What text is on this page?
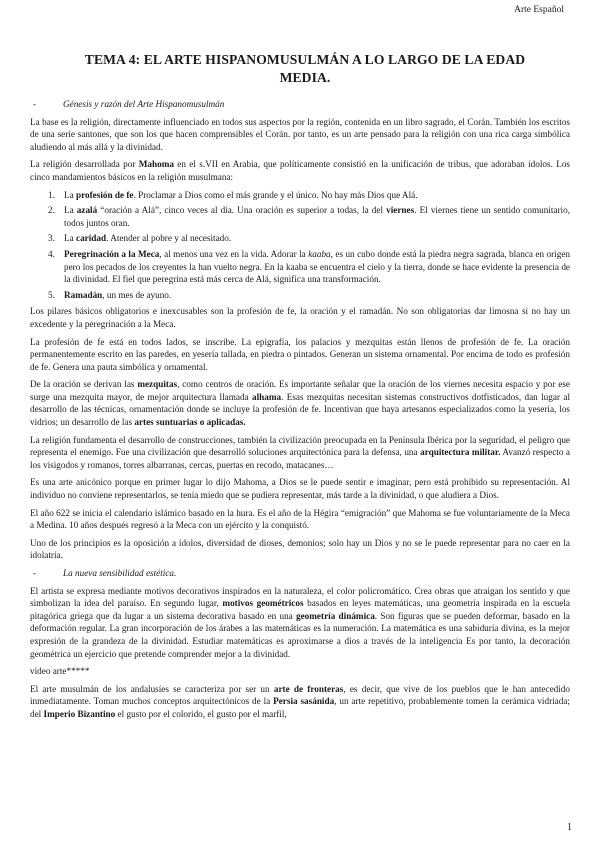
Arte Español
TEMA 4: EL ARTE HISPANOMUSULMÁN A LO LARGO DE LA EDAD MEDIA.
-	Génesis y razón del Arte Hispanomusulmán

La base es la religión, directamente influenciado en todos sus aspectos por la región, contenida en un libro sagrado, el Corán. También los escritos de una serie santones, que son los que hacen comprensibles el Corán. por tanto, es un arte pensado para la religión con una rica carga simbólica aludiendo al más allá y la divinidad.

La religión desarrollada por Mahoma en el s.VII en Arabia, que políticamente consistió en la unificación de tribus, que adoraban ídolos. Los cinco mandamientos básicos en la religión musulmana:

1. La profesión de fe. Proclamar a Dios como el más grande y el único. No hay más Dios que Alá.
2. La azalá “oración a Alá”, cinco veces al día. Una oración es superior a todas, la del viernes. El viernes tiene un sentido comunitario, todos juntos oran.
3. La caridad. Atender al pobre y al necesitado.
4. Peregrinación a la Meca, al menos una vez en la vida. Adorar la kaaba, es un cubo donde está la piedra negra sagrada, blanca en origen pero los pecados de los creyentes la han vuelto negra. En la kaaba se encuentra el cielo y la tierra, donde se hace evidente la presencia de la divinidad. El fiel que peregrina está más cerca de Alá, significa una transformación.
5. Ramadán, un mes de ayuno.

Los pilares básicos obligatorios e inexcusables son la profesión de fe, la oración y el ramadán. No son obligatorias dar limosna si no hay un excedente y la peregrinación a la Meca.

La profesión de fe está en todos lados, se inscribe. La epigrafía, los palacios y mezquitas están llenos de profesión de fe. La oración permanentemente escrito en las paredes, en yesería tallada, en piedra o pintados. Generan un sistema ornamental. Por encima de todo es profesión de fe. Genera una pauta simbólica y ornamental.

De la oración se derivan las mezquitas, como centros de oración. Es importante señalar que la oración de los viernes necesita espacio y por ese surge una mezquita mayor, de mejor arquitectura llamada alhama. Esas mezquitas necesitan sistemas constructivos dotfisticados, dan lugar al desarrollo de las técnicas, ornamentación donde se incluye la profesión de fe. Incentivan que haya artesanos especializados como la yesería, los vidrios; un desarrollo de las artes suntuarias o aplicadas.

La religión fundamenta el desarrollo de construcciones, también la civilización preocupada en la Península Ibérica por la seguridad, el peligro que representa el enemigo. Fue una civilización que desarrolló soluciones arquitectónica para la defensa, una arquitectura militar. Avanzó respecto a los visigodos y romanos, torres albarranas, cercas, puertas en recodo, matacanes…

Es una arte anicónico porque en primer lugar lo dijo Mahoma, a Dios se le puede sentir e imaginar, pero está prohibido su representación. Al individuo no conviene representarlos, se tenía miedo que se pudiera representar, más tarde a la divinidad, o que aludiera a Dios.

El año 622 se inicia el calendario islámico basado en la hura. Es el año de la Hégira “emigración” que Mahoma se fue voluntariamente de la Meca a Medina. 10 años después regresó a la Meca con un ejército y la conquistó.

Uno de los principios es la oposición a ídolos, diversidad de dioses, demonios; solo hay un Dios y no se le puede representar para no caer en la idolatría.

-	La nueva sensibilidad estética.

El artista se expresa mediante motivos decorativos inspirados en la naturaleza, el color policromático. Crea obras que atraigan los sentido y que simbolizan la idea del paraíso. En segundo lugar, motivos geométricos basados en leyes matemáticas, una geometría inspirada en la escuela pitagórica griega que da lugar a un sistema decorativa basado en una geometría dinámica. Son figuras que se pueden deformar, basado en la deformación regular. La gran incorporación de los árabes a las matemáticas es la numeración. La matemática es una sabiduría divina, es la mejor expresión de la grandeza de la divinidad. Estudiar matemáticas es aproximarse a dios a través de la inteligencia Es por tanto, la decoración geométrica un ejercicio que pretende comprender mejor a la divinidad.

video arte*****

El arte musulmán de los andalusíes se caracteriza por ser un arte de fronteras, es decir, que vive de los pueblos que le han antecedido inmediatamente. Toman muchos conceptos arquitectónicos de la Persia sasánida, un arte repetitivo, probablemente tomen la cerámica vidriada; del Imperio Bizantino el gusto por el colorido, el gusto por el marfil,

1
